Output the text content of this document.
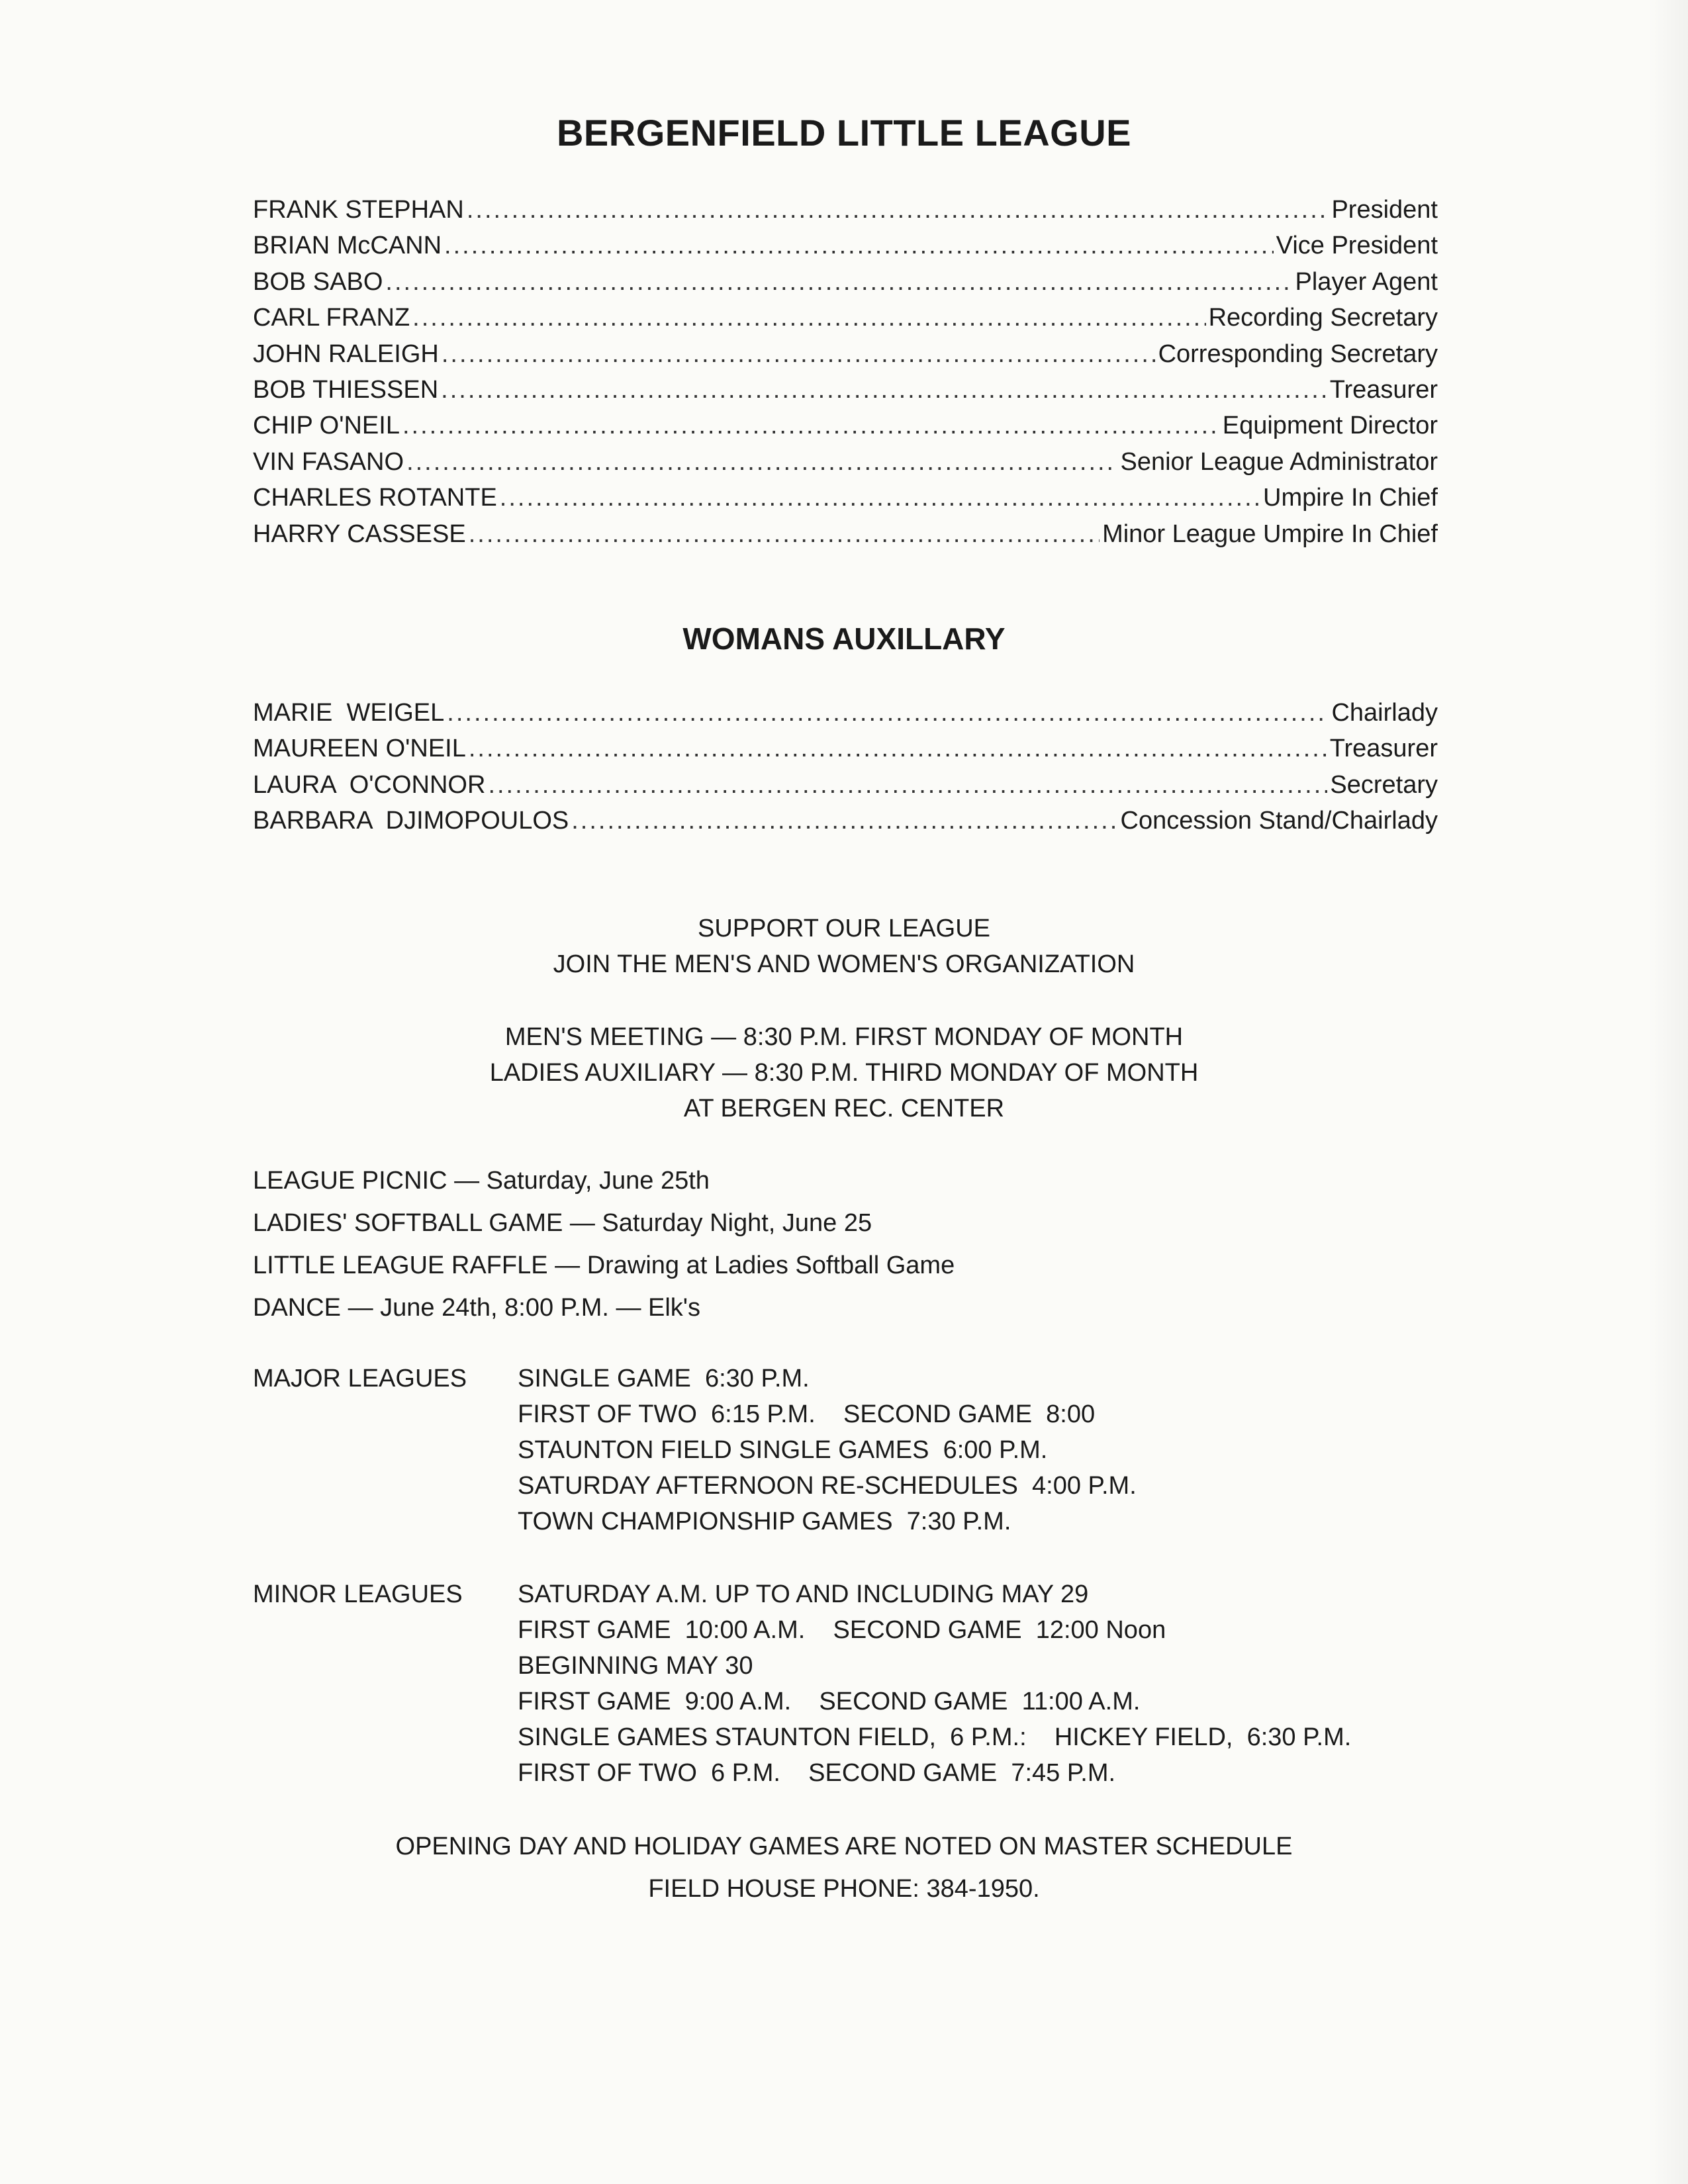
BERGENFIELD LITTLE LEAGUE
FRANK STEPHAN .....	President
BRIAN McCANN .....	Vice President
BOB SABO .....	Player Agent
CARL FRANZ .....	Recording Secretary
JOHN RALEIGH .....	Corresponding Secretary
BOB THIESSEN .....	Treasurer
CHIP O'NEIL .....	Equipment Director
VIN FASANO .....	Senior League Administrator
CHARLES ROTANTE .....	Umpire In Chief
HARRY CASSESE .....	Minor League Umpire In Chief
WOMANS AUXILLARY
MARIE  WEIGEL .....	Chairlady
MAUREEN O'NEIL .....	Treasurer
LAURA  O'CONNOR .....	Secretary
BARBARA  DJIMOPOULOS .....	Concession Stand/Chairlady
SUPPORT OUR LEAGUE
JOIN THE MEN'S AND WOMEN'S ORGANIZATION
MEN'S MEETING — 8:30 P.M. FIRST MONDAY OF MONTH
LADIES AUXILIARY — 8:30 P.M. THIRD MONDAY OF MONTH
AT BERGEN REC. CENTER
LEAGUE PICNIC — Saturday, June 25th
LADIES' SOFTBALL GAME — Saturday Night, June 25
LITTLE LEAGUE RAFFLE — Drawing at Ladies Softball Game
DANCE — June 24th, 8:00 P.M. — Elk's
MAJOR LEAGUES SINGLE GAME  6:30 P.M.
FIRST OF TWO  6:15 P.M.    SECOND GAME  8:00
STAUNTON FIELD SINGLE GAMES  6:00 P.M.
SATURDAY AFTERNOON RE-SCHEDULES  4:00 P.M.
TOWN CHAMPIONSHIP GAMES  7:30 P.M.
MINOR LEAGUES SATURDAY A.M. UP TO AND INCLUDING MAY 29
FIRST GAME  10:00 A.M.    SECOND GAME  12:00 Noon
BEGINNING MAY 30
FIRST GAME  9:00 A.M.    SECOND GAME  11:00 A.M.
SINGLE GAMES STAUNTON FIELD,  6 P.M.:    HICKEY FIELD,  6:30 P.M.
FIRST OF TWO  6 P.M.    SECOND GAME  7:45 P.M.
OPENING DAY AND HOLIDAY GAMES ARE NOTED ON MASTER SCHEDULE
FIELD HOUSE PHONE: 384-1950.
